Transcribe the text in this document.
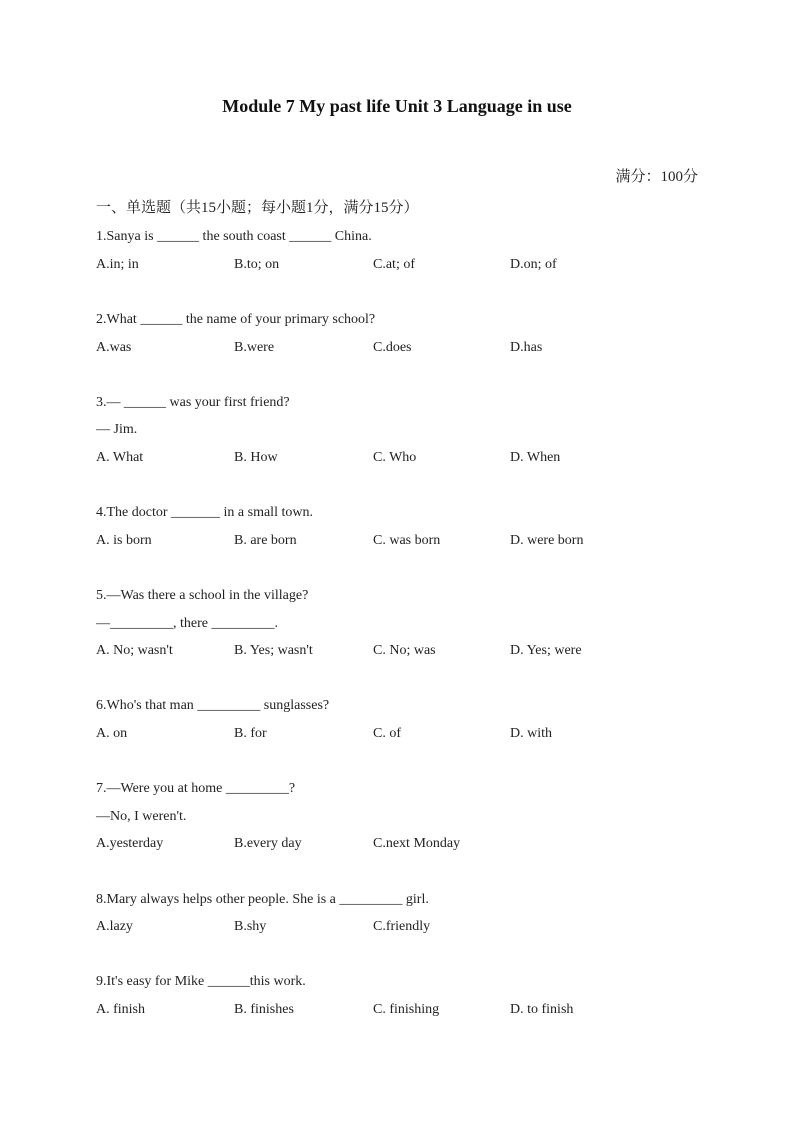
Module 7 My past life Unit 3 Language in use
满分：100分
一、单选题（共15小题；每小题1分，满分15分）
1.Sanya is ______ the south coast ______ China.
A.in; in	B.to; on	C.at; of	D.on; of
2.What ______ the name of your primary school?
A.was	B.were	C.does	D.has
3.— ______ was your first friend?
— Jim.
A. What	B. How	C. Who	D. When
4.The doctor _______ in a small town.
A. is born	B. are born	C. was born	D. were born
5.—Was there a school in the village?
—_________, there _________.
A. No; wasn't	B. Yes; wasn't	C. No; was	D. Yes; were
6.Who's that man _________ sunglasses?
A. on	B. for	C. of	D. with
7.—Were you at home _________?
—No, I weren't.
A.yesterday	B.every day	C.next Monday
8.Mary always helps other people. She is a _________ girl.
A.lazy	B.shy	C.friendly
9.It's easy for Mike ______this work.
A. finish	B. finishes	C. finishing	D. to finish
